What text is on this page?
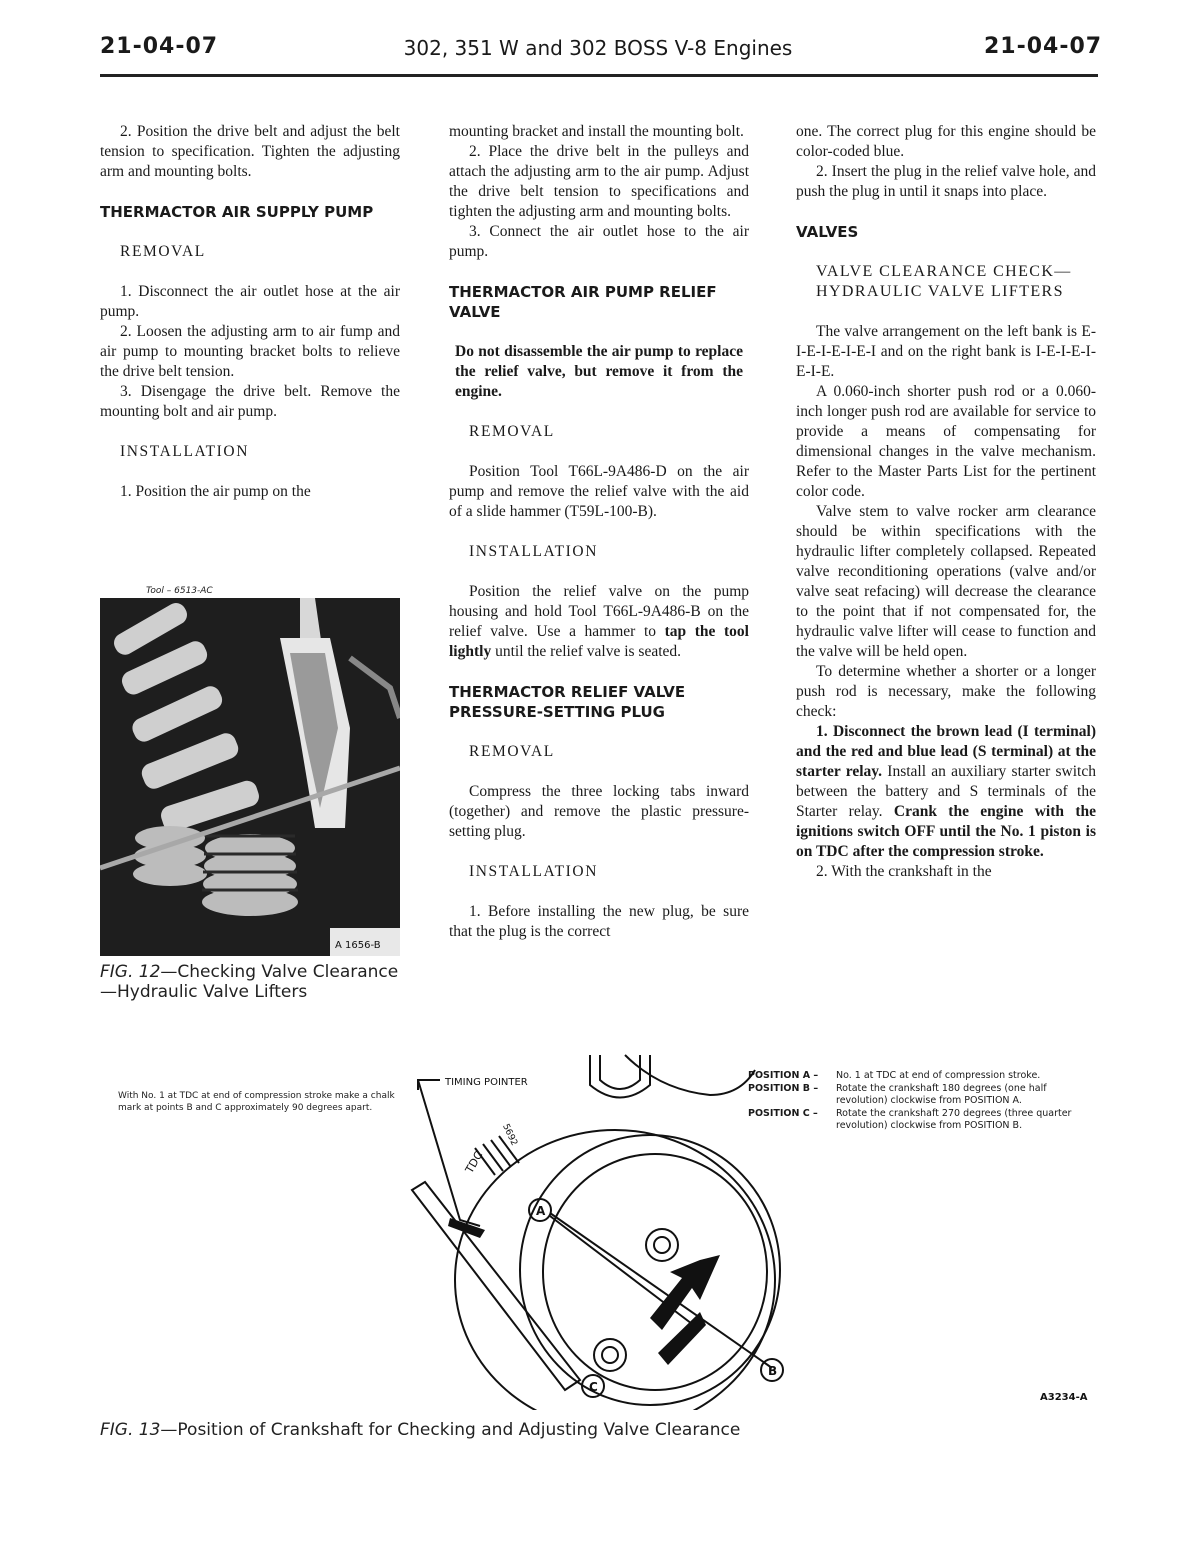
21-04-07	302, 351 W and 302 BOSS V-8 Engines	21-04-07

2. Position the drive belt and adjust the belt tension to specification. Tighten the adjusting arm and mounting bolts.

THERMACTOR AIR SUPPLY PUMP
REMOVAL

1. Disconnect the air outlet hose at the air pump.

2. Loosen the adjusting arm to air fump and air pump to mounting bracket bolts to relieve the drive belt tension.

3. Disengage the drive belt. Remove the mounting bolt and air pump.

INSTALLATION

1. Position the air pump on the

Tool – 6513-AC
A 1656-B
FIG. 12—Checking Valve Clearance—Hydraulic Valve Lifters

mounting bracket and install the mounting bolt.

2. Place the drive belt in the pulleys and attach the adjusting arm to the air pump. Adjust the drive belt tension to specifications and tighten the adjusting arm and mounting bolts.

3. Connect the air outlet hose to the air pump.

THERMACTOR AIR PUMP RELIEF VALVE

Do not disassemble the air pump to replace the relief valve, but remove it from the engine.

REMOVAL

Position Tool T66L-9A486-D on the air pump and remove the relief valve with the aid of a slide hammer (T59L-100-B).

INSTALLATION

Position the relief valve on the pump housing and hold Tool T66L-9A486-B on the relief valve. Use a hammer to tap the tool lightly until the relief valve is seated.

THERMACTOR RELIEF VALVE PRESSURE-SETTING PLUG
REMOVAL

Compress the three locking tabs inward (together) and remove the plastic pressure-setting plug.

INSTALLATION

1. Before installing the new plug, be sure that the plug is the correct

one. The correct plug for this engine should be color-coded blue.

2. Insert the plug in the relief valve hole, and push the plug in until it snaps into place.

VALVES
VALVE CLEARANCE CHECK—HYDRAULIC VALVE LIFTERS

The valve arrangement on the left bank is E-I-E-I-E-I-E-I and on the right bank is I-E-I-E-I-E-I-E.

A 0.060-inch shorter push rod or a 0.060-inch longer push rod are available for service to provide a means of compensating for dimensional changes in the valve mechanism. Refer to the Master Parts List for the pertinent color code.

Valve stem to valve rocker arm clearance should be within specifications with the hydraulic lifter completely collapsed. Repeated valve reconditioning operations (valve and/or valve seat refacing) will decrease the clearance to the point that if not compensated for, the hydraulic valve lifter will cease to function and the valve will be held open.

To determine whether a shorter or a longer push rod is necessary, make the following check:

1. Disconnect the brown lead (I terminal) and the red and blue lead (S terminal) at the starter relay. Install an auxiliary starter switch between the battery and S terminals of the Starter relay. Crank the engine with the ignitions switch OFF until the No. 1 piston is on TDC after the compression stroke.

2. With the crankshaft in the

With No. 1 at TDC at end of compression stroke make a chalk mark at points B and C approximately 90 degrees apart.
POSITION A –	No. 1 at TDC at end of compression stroke.
POSITION B –	Rotate the crankshaft 180 degrees (one half revolution) clockwise from POSITION A.
POSITION C –	Rotate the crankshaft 270 degrees (three quarter revolution) clockwise from POSITION B.
TIMING POINTER
TDC
5692
A
B
C
A3234-A
FIG. 13—Position of Crankshaft for Checking and Adjusting Valve Clearance
